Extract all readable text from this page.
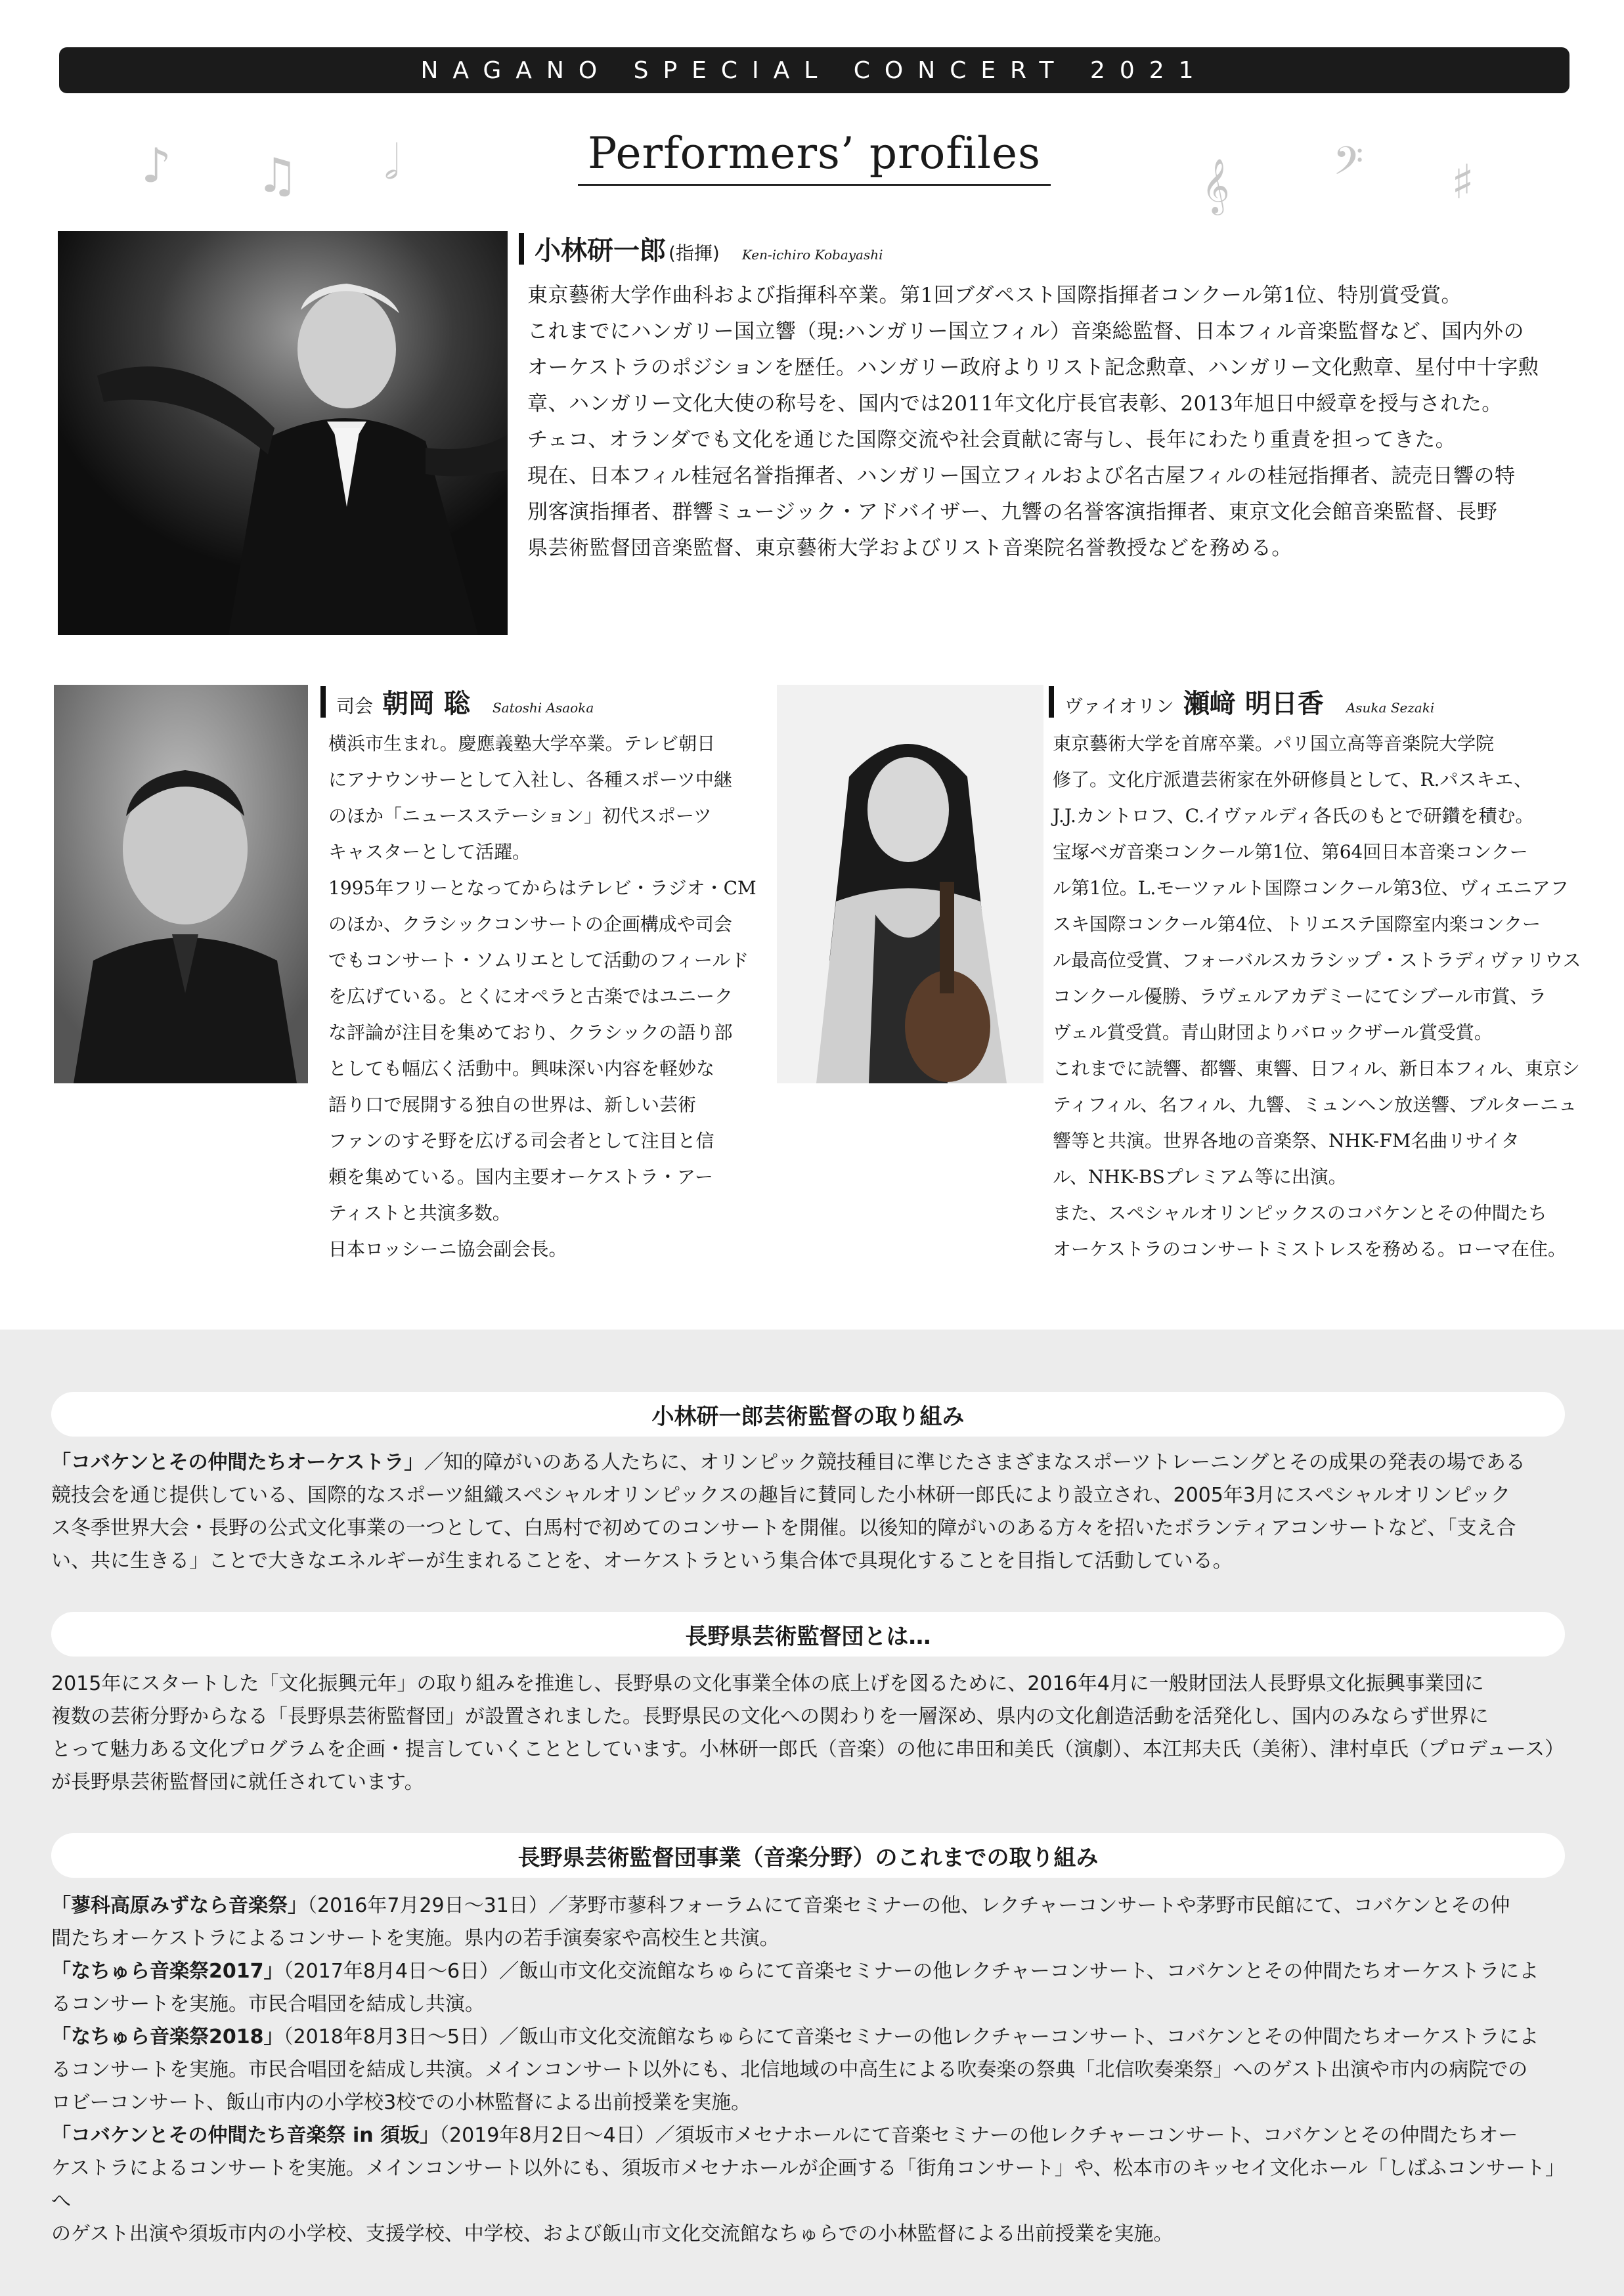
NAGANO SPECIAL CONCERT 2021
♪ ♫ 𝅗𝅥	𝄞 𝄢 ♯
Performers’ profiles
小林研一郎 (指揮) Ken-ichiro Kobayashi

東京藝術大学作曲科および指揮科卒業。第1回ブダペスト国際指揮者コンクール第1位、特別賞受賞。

これまでにハンガリー国立響（現:ハンガリー国立フィル）音楽総監督、日本フィル音楽監督など、国内外の

オーケストラのポジションを歴任。ハンガリー政府よりリスト記念勲章、ハンガリー文化勲章、星付中十字勲

章、ハンガリー文化大使の称号を、国内では2011年文化庁長官表彰、2013年旭日中綬章を授与された。

チェコ、オランダでも文化を通じた国際交流や社会貢献に寄与し、長年にわたり重責を担ってきた。

現在、日本フィル桂冠名誉指揮者、ハンガリー国立フィルおよび名古屋フィルの桂冠指揮者、読売日響の特

別客演指揮者、群響ミュージック・アドバイザー、九響の名誉客演指揮者、東京文化会館音楽監督、長野

県芸術監督団音楽監督、東京藝術大学およびリスト音楽院名誉教授などを務める。

司会 朝岡 聡 Satoshi Asaoka

横浜市生まれ。慶應義塾大学卒業。テレビ朝日

にアナウンサーとして入社し、各種スポーツ中継

のほか「ニュースステーション」初代スポーツ

キャスターとして活躍。

1995年フリーとなってからはテレビ・ラジオ・CM

のほか、クラシックコンサートの企画構成や司会

でもコンサート・ソムリエとして活動のフィールド

を広げている。とくにオペラと古楽ではユニーク

な評論が注目を集めており、クラシックの語り部

としても幅広く活動中。興味深い内容を軽妙な

語り口で展開する独自の世界は、新しい芸術

ファンのすそ野を広げる司会者として注目と信

頼を集めている。国内主要オーケストラ・アー

ティストと共演多数。

日本ロッシーニ協会副会長。

ヴァイオリン 瀬﨑 明日香 Asuka Sezaki

東京藝術大学を首席卒業。パリ国立高等音楽院大学院

修了。文化庁派遣芸術家在外研修員として、R.パスキエ、

J.J.カントロフ、C.イヴァルディ各氏のもとで研鑽を積む。

宝塚ベガ音楽コンクール第1位、第64回日本音楽コンクー

ル第1位。L.モーツァルト国際コンクール第3位、ヴィエニアフ

スキ国際コンクール第4位、トリエステ国際室内楽コンクー

ル最高位受賞、フォーバルスカラシップ・ストラディヴァリウス

コンクール優勝、ラヴェルアカデミーにてシブール市賞、ラ

ヴェル賞受賞。青山財団よりバロックザール賞受賞。

これまでに読響、都響、東響、日フィル、新日本フィル、東京シ

ティフィル、名フィル、九響、ミュンヘン放送響、ブルターニュ

響等と共演。世界各地の音楽祭、NHK-FM名曲リサイタ

ル、NHK-BSプレミアム等に出演。

また、スペシャルオリンピックスのコバケンとその仲間たち

オーケストラのコンサートミストレスを務める。ローマ在住。

小林研一郎芸術監督の取り組み

「コバケンとその仲間たちオーケストラ」／知的障がいのある人たちに、オリンピック競技種目に準じたさまざまなスポーツトレーニングとその成果の発表の場である

競技会を通じ提供している、国際的なスポーツ組織スペシャルオリンピックスの趣旨に賛同した小林研一郎氏により設立され、2005年3月にスペシャルオリンピック

ス冬季世界大会・長野の公式文化事業の一つとして、白馬村で初めてのコンサートを開催。以後知的障がいのある方々を招いたボランティアコンサートなど、「支え合

い、共に生きる」ことで大きなエネルギーが生まれることを、オーケストラという集合体で具現化することを目指して活動している。

長野県芸術監督団とは…

2015年にスタートした「文化振興元年」の取り組みを推進し、長野県の文化事業全体の底上げを図るために、2016年4月に一般財団法人長野県文化振興事業団に

複数の芸術分野からなる「長野県芸術監督団」が設置されました。長野県民の文化への関わりを一層深め、県内の文化創造活動を活発化し、国内のみならず世界に

とって魅力ある文化プログラムを企画・提言していくこととしています。小林研一郎氏（音楽）の他に串田和美氏（演劇）、本江邦夫氏（美術）、津村卓氏（プロデュース）

が長野県芸術監督団に就任されています。

長野県芸術監督団事業（音楽分野）のこれまでの取り組み

「蓼科高原みずなら音楽祭」（2016年7月29日〜31日）／茅野市蓼科フォーラムにて音楽セミナーの他、レクチャーコンサートや茅野市民館にて、コバケンとその仲

間たちオーケストラによるコンサートを実施。県内の若手演奏家や高校生と共演。

「なちゅら音楽祭2017」（2017年8月4日〜6日）／飯山市文化交流館なちゅらにて音楽セミナーの他レクチャーコンサート、コバケンとその仲間たちオーケストラによ

るコンサートを実施。市民合唱団を結成し共演。

「なちゅら音楽祭2018」（2018年8月3日〜5日）／飯山市文化交流館なちゅらにて音楽セミナーの他レクチャーコンサート、コバケンとその仲間たちオーケストラによ

るコンサートを実施。市民合唱団を結成し共演。メインコンサート以外にも、北信地域の中高生による吹奏楽の祭典「北信吹奏楽祭」へのゲスト出演や市内の病院での

ロビーコンサート、飯山市内の小学校3校での小林監督による出前授業を実施。

「コバケンとその仲間たち音楽祭 in 須坂」（2019年8月2日〜4日）／須坂市メセナホールにて音楽セミナーの他レクチャーコンサート、コバケンとその仲間たちオー

ケストラによるコンサートを実施。メインコンサート以外にも、須坂市メセナホールが企画する「街角コンサート」や、松本市のキッセイ文化ホール「しばふコンサート」へ

のゲスト出演や須坂市内の小学校、支援学校、中学校、および飯山市文化交流館なちゅらでの小林監督による出前授業を実施。
